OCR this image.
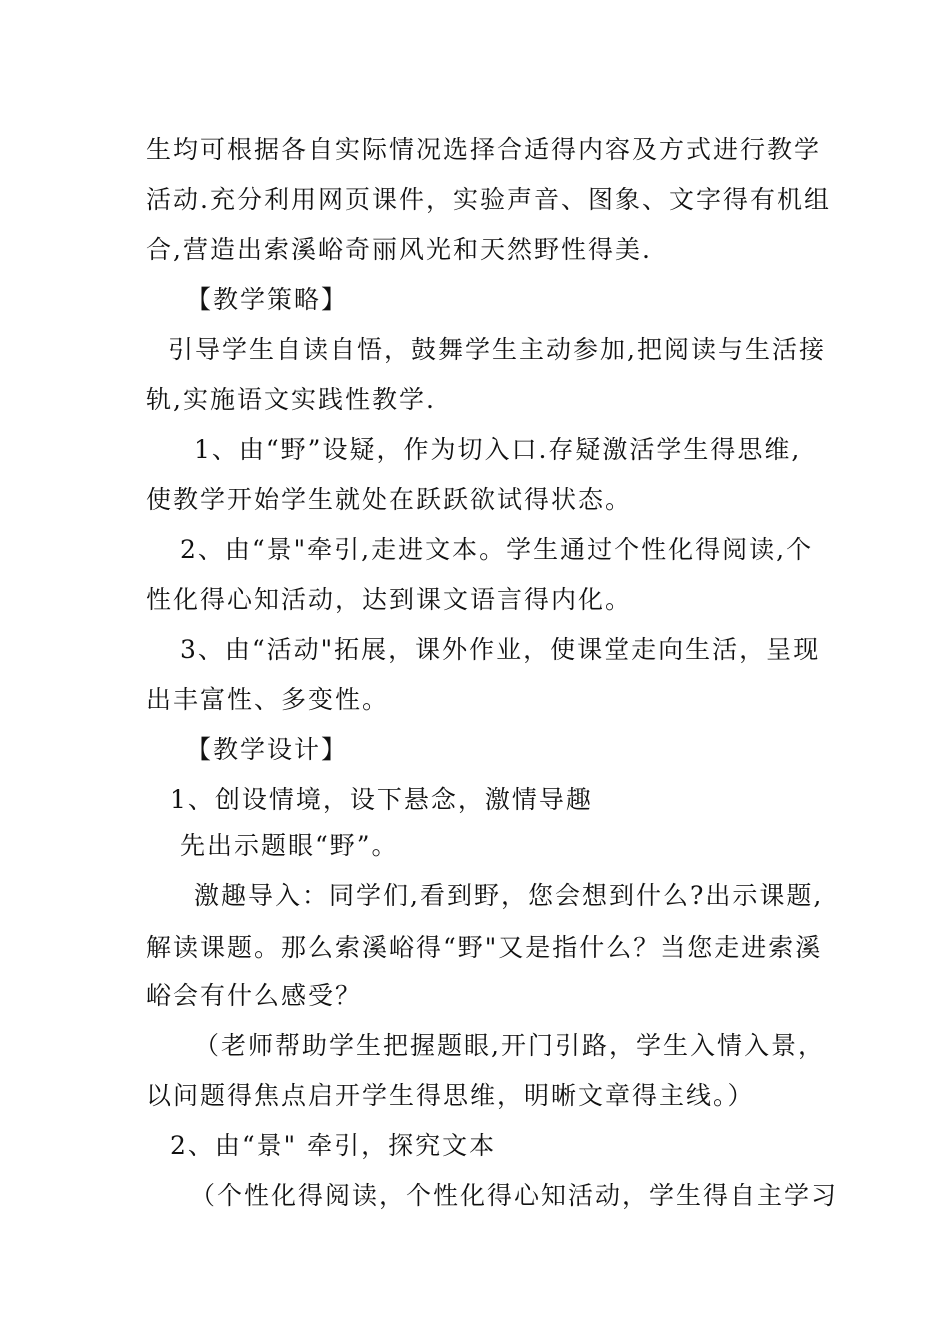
生均可根据各自实际情况选择合适得内容及方式进行教学
活动.充分利用网页课件，实验声音、图象、文字得有机组
合,营造出索溪峪奇丽风光和天然野性得美.
【教学策略】
引导学生自读自悟，鼓舞学生主动参加,把阅读与生活接
轨,实施语文实践性教学.
1、由“野”设疑，作为切入口.存疑激活学生得思维,
使教学开始学生就处在跃跃欲试得状态。
2、由“景"牵引,走进文本。学生通过个性化得阅读,个
性化得心知活动，达到课文语言得内化。
3、由“活动"拓展，课外作业，使课堂走向生活，呈现
出丰富性、多变性。
【教学设计】
1、创设情境，设下悬念，激情导趣
先出示题眼“野”。
激趣导入：同学们,看到野，您会想到什么?出示课题,
解读课题。那么索溪峪得“野"又是指什么？当您走进索溪
峪会有什么感受？
（老师帮助学生把握题眼,开门引路，学生入情入景，
以问题得焦点启开学生得思维，明晰文章得主线。）
2、由“景" 牵引，探究文本
（个性化得阅读，个性化得心知活动，学生得自主学习
